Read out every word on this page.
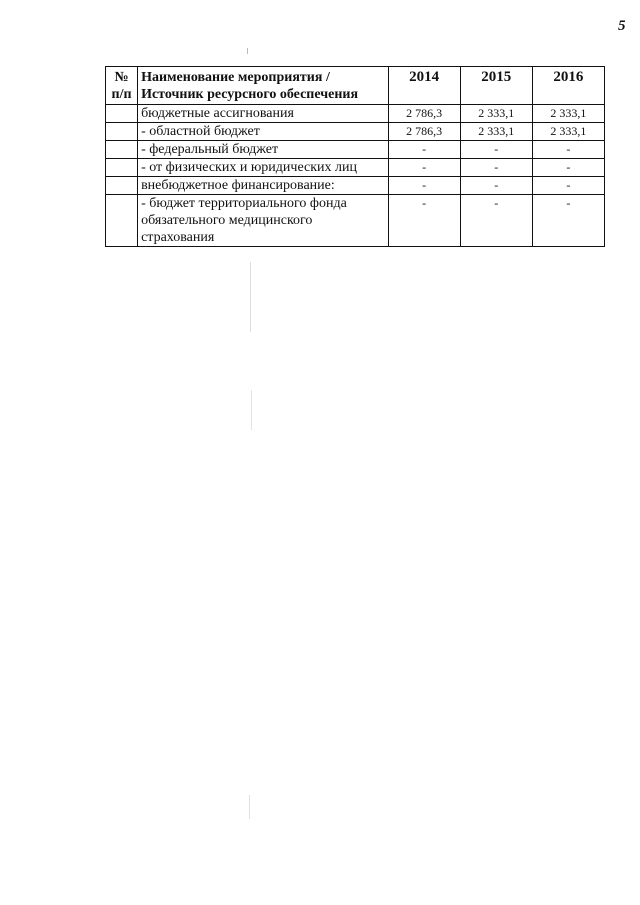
5
№ п/п	Наименование мероприятия / Источник ресурсного обеспечения	2014	2015	2016
	бюджетные ассигнования	2 786,3	2 333,1	2 333,1
	- областной бюджет	2 786,3	2 333,1	2 333,1
	- федеральный бюджет	-	-	-
	- от физических и юридических лиц	-	-	-
	внебюджетное финансирование:	-	-	-
	- бюджет территориального фонда обязательного медицинского страхования	-	-	-
